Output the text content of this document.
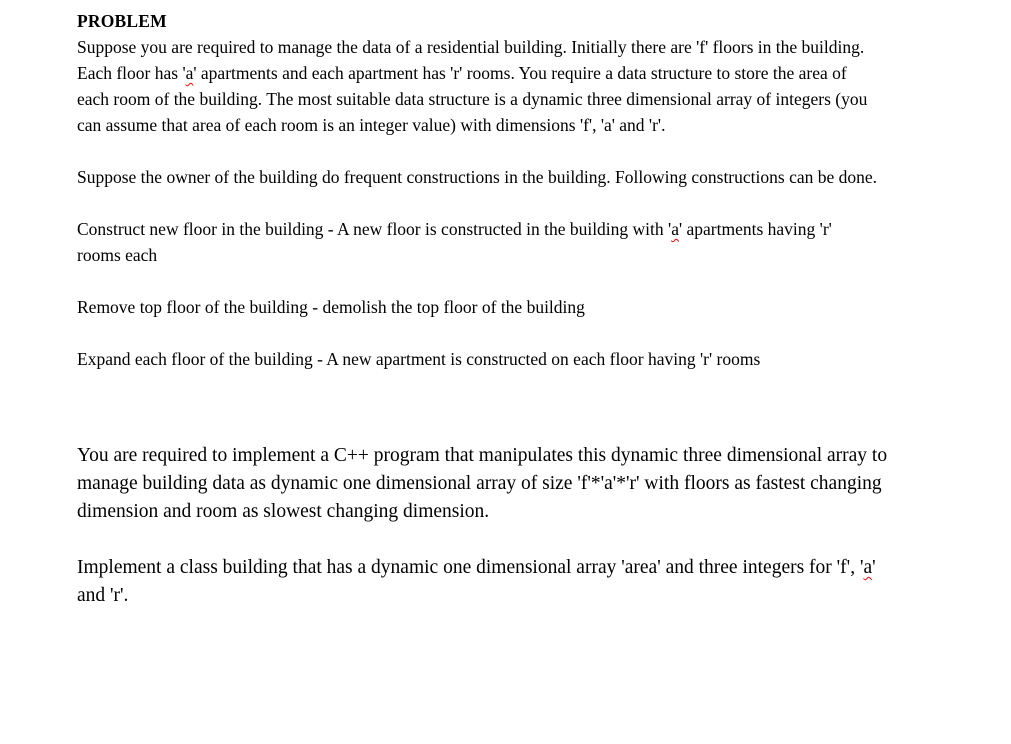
PROBLEM

Suppose you are required to manage the data of a residential building. Initially there are 'f' floors in the building. Each floor has 'a' apartments and each apartment has 'r' rooms. You require a data structure to store the area of each room of the building. The most suitable data structure is a dynamic three dimensional array of integers (you can assume that area of each room is an integer value) with dimensions 'f', 'a' and 'r'.

Suppose the owner of the building do frequent constructions in the building. Following constructions can be done.

Construct new floor in the building - A new floor is constructed in the building with 'a' apartments having 'r' rooms each

Remove top floor of the building - demolish the top floor of the building

Expand each floor of the building - A new apartment is constructed on each floor having 'r' rooms

You are required to implement a C++ program that manipulates this dynamic three dimensional array to manage building data as dynamic one dimensional array of size 'f'*'a'*'r' with floors as fastest changing dimension and room as slowest changing dimension.

Implement a class building that has a dynamic one dimensional array 'area' and three integers for 'f', 'a' and 'r'.
